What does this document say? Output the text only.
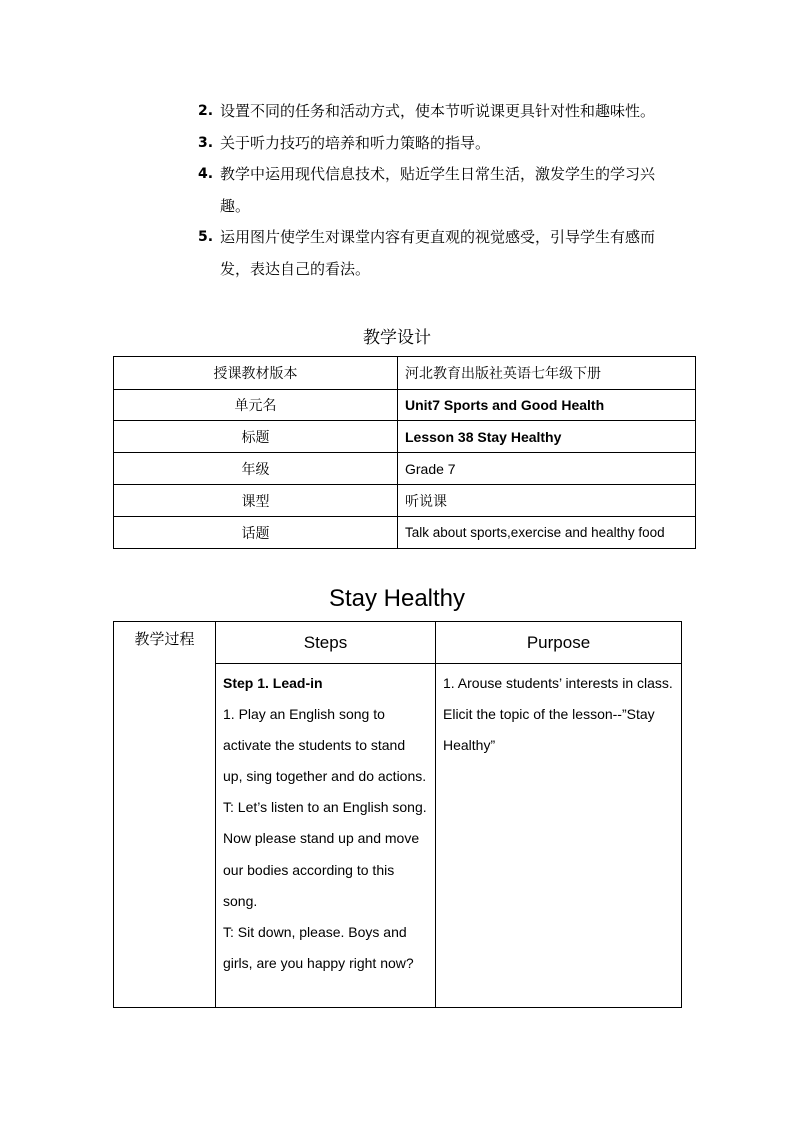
2. 设置不同的任务和活动方式，使本节听说课更具针对性和趣味性。
3. 关于听力技巧的培养和听力策略的指导。
4. 教学中运用现代信息技术，贴近学生日常生活，激发学生的学习兴趣。
5. 运用图片使学生对课堂内容有更直观的视觉感受，引导学生有感而发，表达自己的看法。
教学设计
授课教材版本	河北教育出版社英语七年级下册
单元名	Unit7 Sports and Good Health
标题	Lesson 38 Stay Healthy
年级	Grade 7
课型	听说课
话题	Talk about sports,exercise and healthy food
Stay Healthy
教学过程	Steps	Purpose

	Step 1. Lead-in

1. Play an English song to activate the students to stand up, sing together and do actions.

T: Let’s listen to an English song. Now please stand up and move our bodies according to this song.

T: Sit down, please. Boys and girls, are you happy right now?	1. Arouse students’ interests in class. Elicit the topic of the lesson--”Stay Healthy”
